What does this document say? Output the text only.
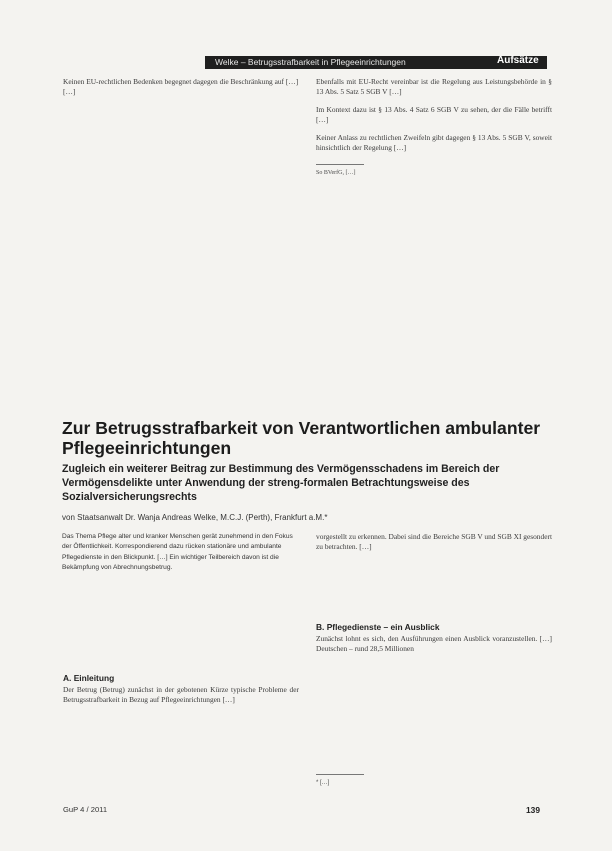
Welke – Betrugsstrafbarkeit in Pflegeeinrichtungen	Aufsätze

Keinen EU-rechtlichen Bedenken begegnet dagegen die Beschränkung auf […]

[…]

Ebenfalls mit EU-Recht vereinbar ist die Regelung aus Leistungsbehörde in § 13 Abs. 5 Satz 5 SGB V […]

Im Kontext dazu ist § 13 Abs. 4 Satz 6 SGB V zu sehen, der die Fälle betrifft […]

Keiner Anlass zu rechtlichen Zweifeln gibt dagegen § 13 Abs. 5 SGB V, soweit hinsichtlich der Regelung […]

So BVerfG, […]

Zur Betrugsstrafbarkeit von Verantwortlichen ambulanter Pflegeeinrichtungen
Zugleich ein weiterer Beitrag zur Bestimmung des Vermögensschadens im Bereich der Vermögensdelikte unter Anwendung der streng-formalen Betrachtungsweise des Sozialversicherungsrechts
von Staatsanwalt Dr. Wanja Andreas Welke, M.C.J. (Perth), Frankfurt a.M.*
Das Thema Pflege alter und kranker Menschen gerät zunehmend in den Fokus der Öffentlichkeit. Korrespondierend dazu rücken stationäre und ambulante Pflegedienste in den Blickpunkt. […] Ein wichtiger Teilbereich davon ist die Bekämpfung von Abrechnungsbetrug.

vorgestellt zu erkennen. Dabei sind die Bereiche SGB V und SGB XI gesondert zu betrachten. […]

A. Einleitung

Der Betrug (Betrug) zunächst in der gebotenen Kürze typische Probleme der Betrugsstrafbarkeit in Bezug auf Pflegeeinrichtungen […]

B. Pflegedienste – ein Ausblick

Zunächst lohnt es sich, den Ausführungen einen Ausblick voranzustellen. […] Deutschen – rund 28,5 Millionen

* […]

GuP 4 / 2011	139
